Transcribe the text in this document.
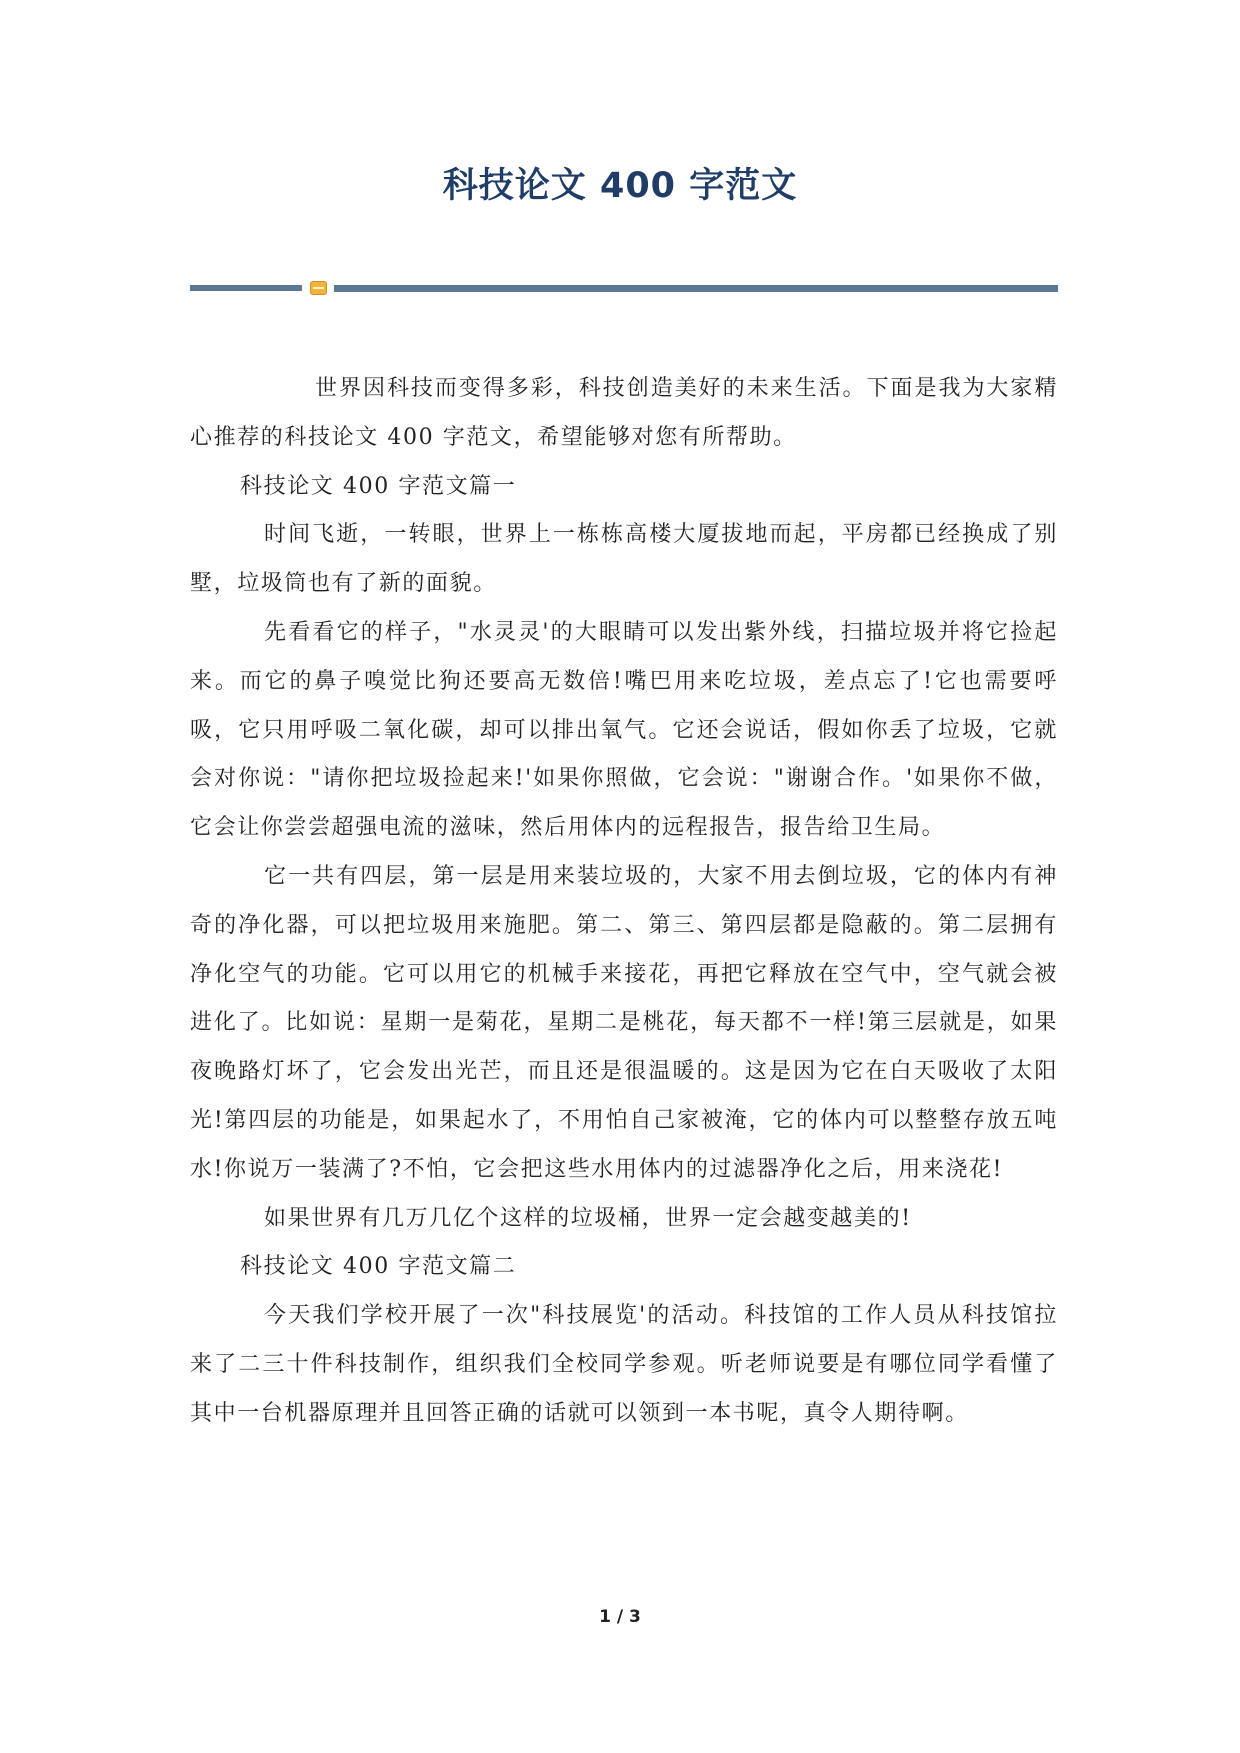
科技论文 400 字范文

世界因科技而变得多彩，科技创造美好的未来生活。下面是我为大家精心推荐的科技论文 400 字范文，希望能够对您有所帮助。

科技论文 400 字范文篇一

时间飞逝，一转眼，世界上一栋栋高楼大厦拔地而起，平房都已经换成了别墅，垃圾筒也有了新的面貌。

先看看它的样子，"水灵灵'的大眼睛可以发出紫外线，扫描垃圾并将它捡起来。而它的鼻子嗅觉比狗还要高无数倍!嘴巴用来吃垃圾，差点忘了!它也需要呼吸，它只用呼吸二氧化碳，却可以排出氧气。它还会说话，假如你丢了垃圾，它就会对你说："请你把垃圾捡起来!'如果你照做，它会说："谢谢合作。'如果你不做，它会让你尝尝超强电流的滋味，然后用体内的远程报告，报告给卫生局。

它一共有四层，第一层是用来装垃圾的，大家不用去倒垃圾，它的体内有神奇的净化器，可以把垃圾用来施肥。第二、第三、第四层都是隐蔽的。第二层拥有净化空气的功能。它可以用它的机械手来接花，再把它释放在空气中，空气就会被进化了。比如说：星期一是菊花，星期二是桃花，每天都不一样!第三层就是，如果夜晚路灯坏了，它会发出光芒，而且还是很温暖的。这是因为它在白天吸收了太阳光!第四层的功能是，如果起水了，不用怕自己家被淹，它的体内可以整整存放五吨水!你说万一装满了?不怕，它会把这些水用体内的过滤器净化之后，用来浇花!

如果世界有几万几亿个这样的垃圾桶，世界一定会越变越美的!

科技论文 400 字范文篇二

今天我们学校开展了一次"科技展览'的活动。科技馆的工作人员从科技馆拉来了二三十件科技制作，组织我们全校同学参观。听老师说要是有哪位同学看懂了其中一台机器原理并且回答正确的话就可以领到一本书呢，真令人期待啊。

1 / 3
